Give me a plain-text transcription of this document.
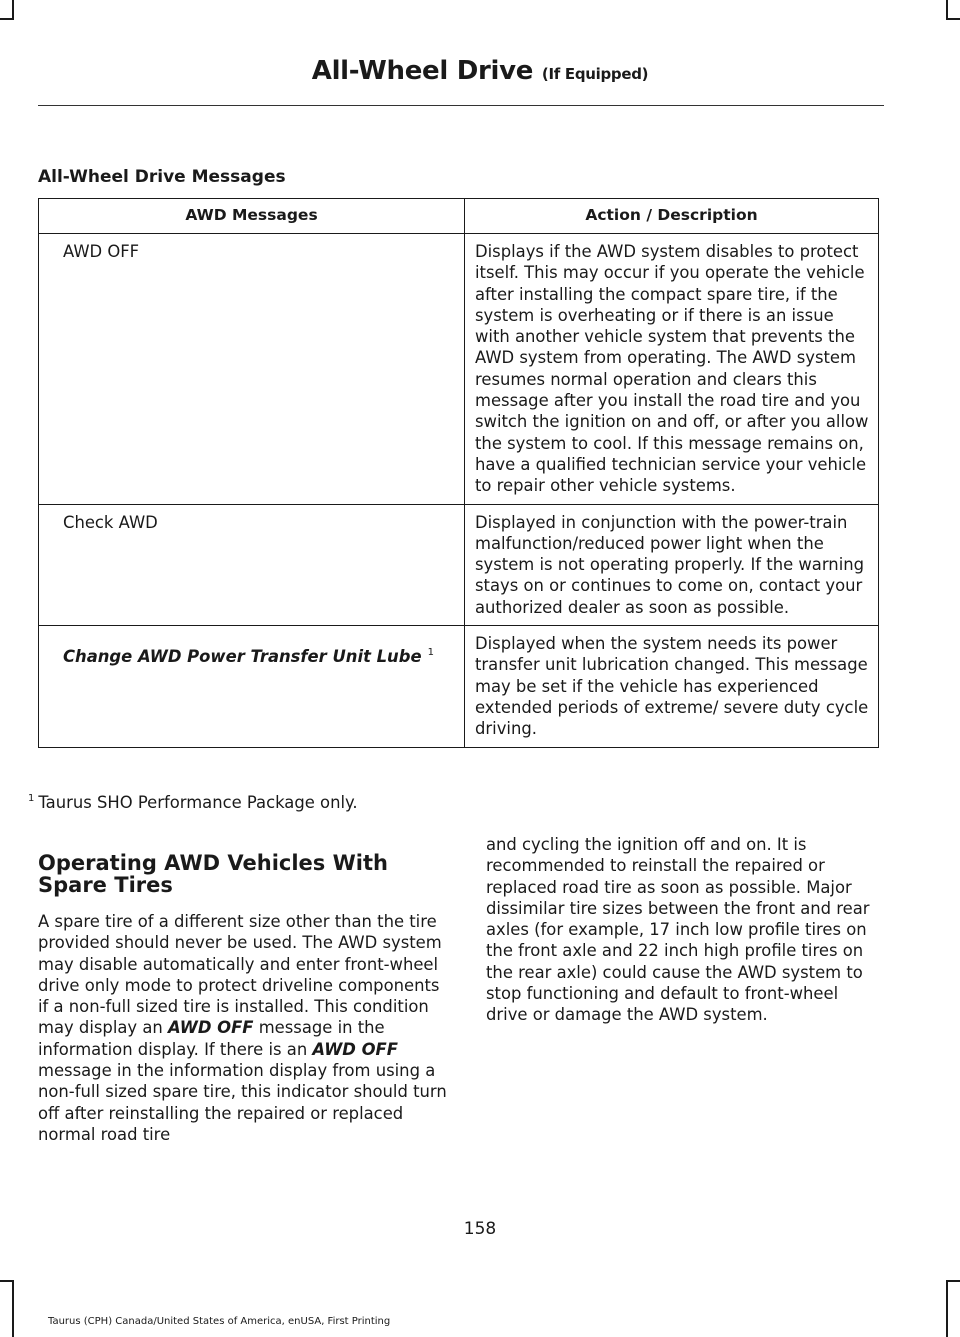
All-Wheel Drive (If Equipped)
All-Wheel Drive Messages
AWD Messages	Action / Description
AWD OFF	Displays if the AWD system disables to protect itself. This may occur if you operate the vehicle after installing the compact spare tire, if the system is overheating or if there is an issue with another vehicle system that prevents the AWD system from operating. The AWD system resumes normal operation and clears this message after you install the road tire and you switch the ignition on and off, or after you allow the system to cool. If this message remains on, have a qualified technician service your vehicle to repair other vehicle systems.
Check AWD	Displayed in conjunction with the power-train malfunction/reduced power light when the system is not operating properly. If the warning stays on or continues to come on, contact your authorized dealer as soon as possible.
Change AWD Power Transfer Unit Lube $^1$	Displayed when the system needs its power transfer unit lubrication changed. This message may be set if the vehicle has experienced extended periods of extreme/ severe duty cycle driving.
$^1$ Taurus SHO Performance Package only.
Operating AWD Vehicles With Spare Tires
A spare tire of a different size other than the tire provided should never be used. The AWD system may disable automatically and enter front-wheel drive only mode to protect driveline components if a non-full sized tire is installed. This condition may display an AWD OFF message in the information display. If there is an AWD OFF message in the information display from using a non-full sized spare tire, this indicator should turn off after reinstalling the repaired or replaced normal road tire
and cycling the ignition off and on. It is recommended to reinstall the repaired or replaced road tire as soon as possible. Major dissimilar tire sizes between the front and rear axles (for example, 17 inch low profile tires on the front axle and 22 inch high profile tires on the rear axle) could cause the AWD system to stop functioning and default to front-wheel drive or damage the AWD system.
158
Taurus (CPH) Canada/United States of America, enUSA, First Printing
